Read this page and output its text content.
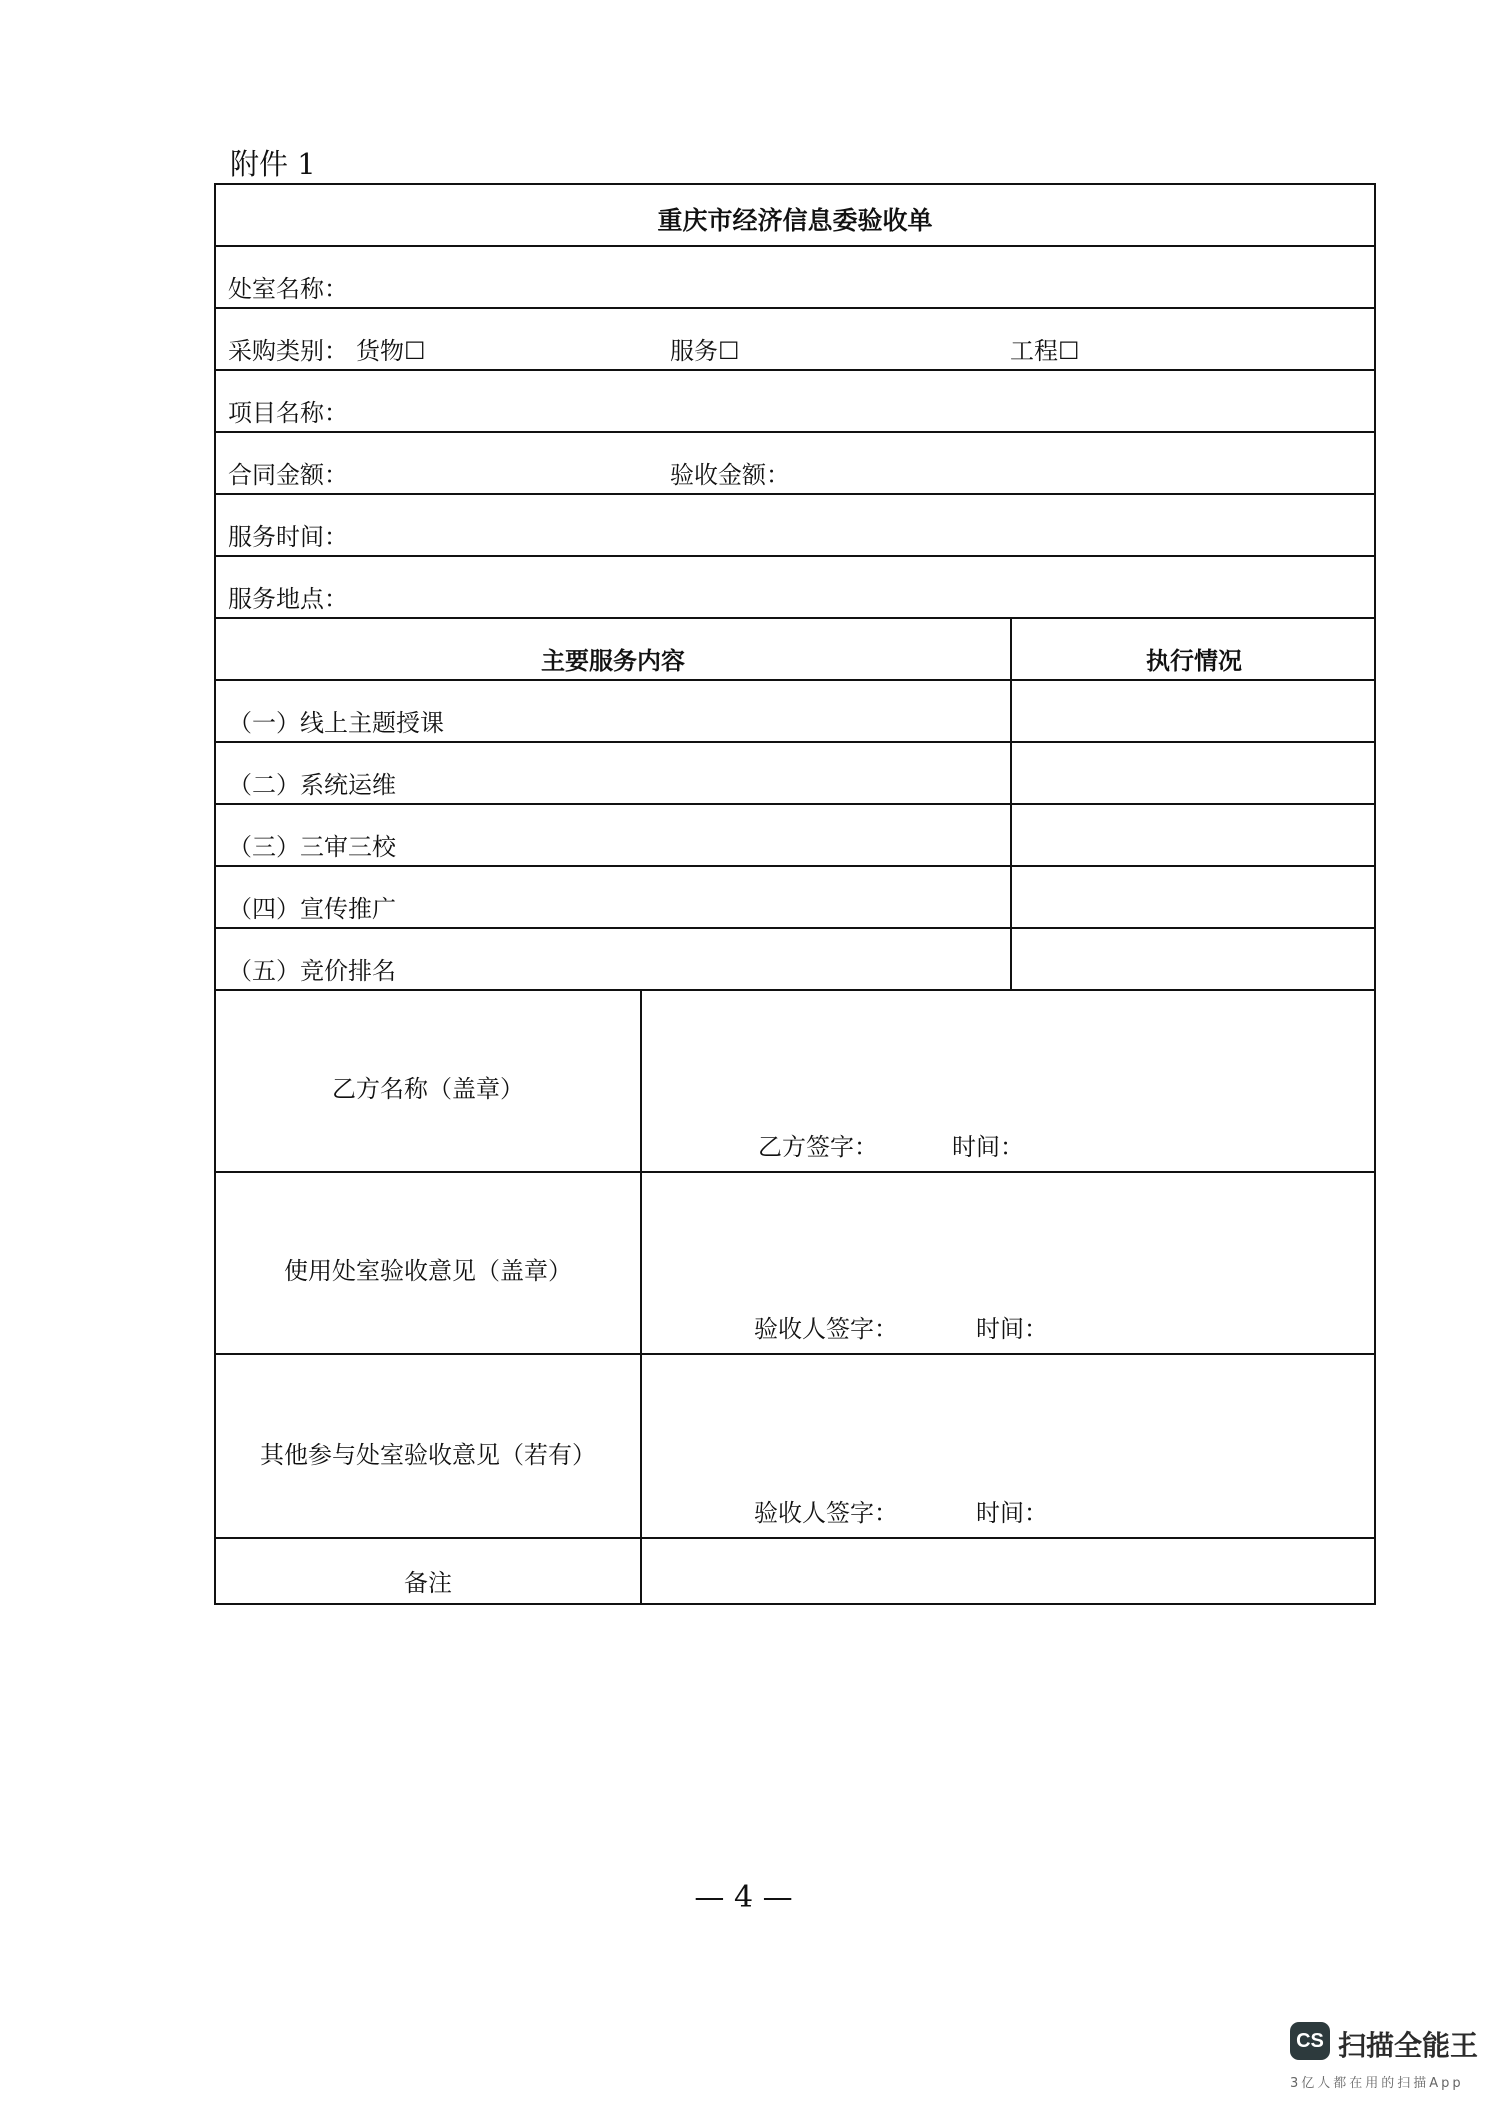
附件 1
重庆市经济信息委验收单
处室名称：
采购类别： 货物☐	服务☐	工程☐
项目名称：
合同金额：	验收金额：
服务时间：
服务地点：
主要服务内容	执行情况
（一）线上主题授课
（二）系统运维
（三）三审三校
（四）宣传推广
（五）竞价排名
乙方名称（盖章）
乙方签字：	时间：
使用处室验收意见（盖章）
验收人签字：	时间：
其他参与处室验收意见（若有）
验收人签字：	时间：
备注
— 4 —
CS 扫描全能王
3亿人都在用的扫描App
